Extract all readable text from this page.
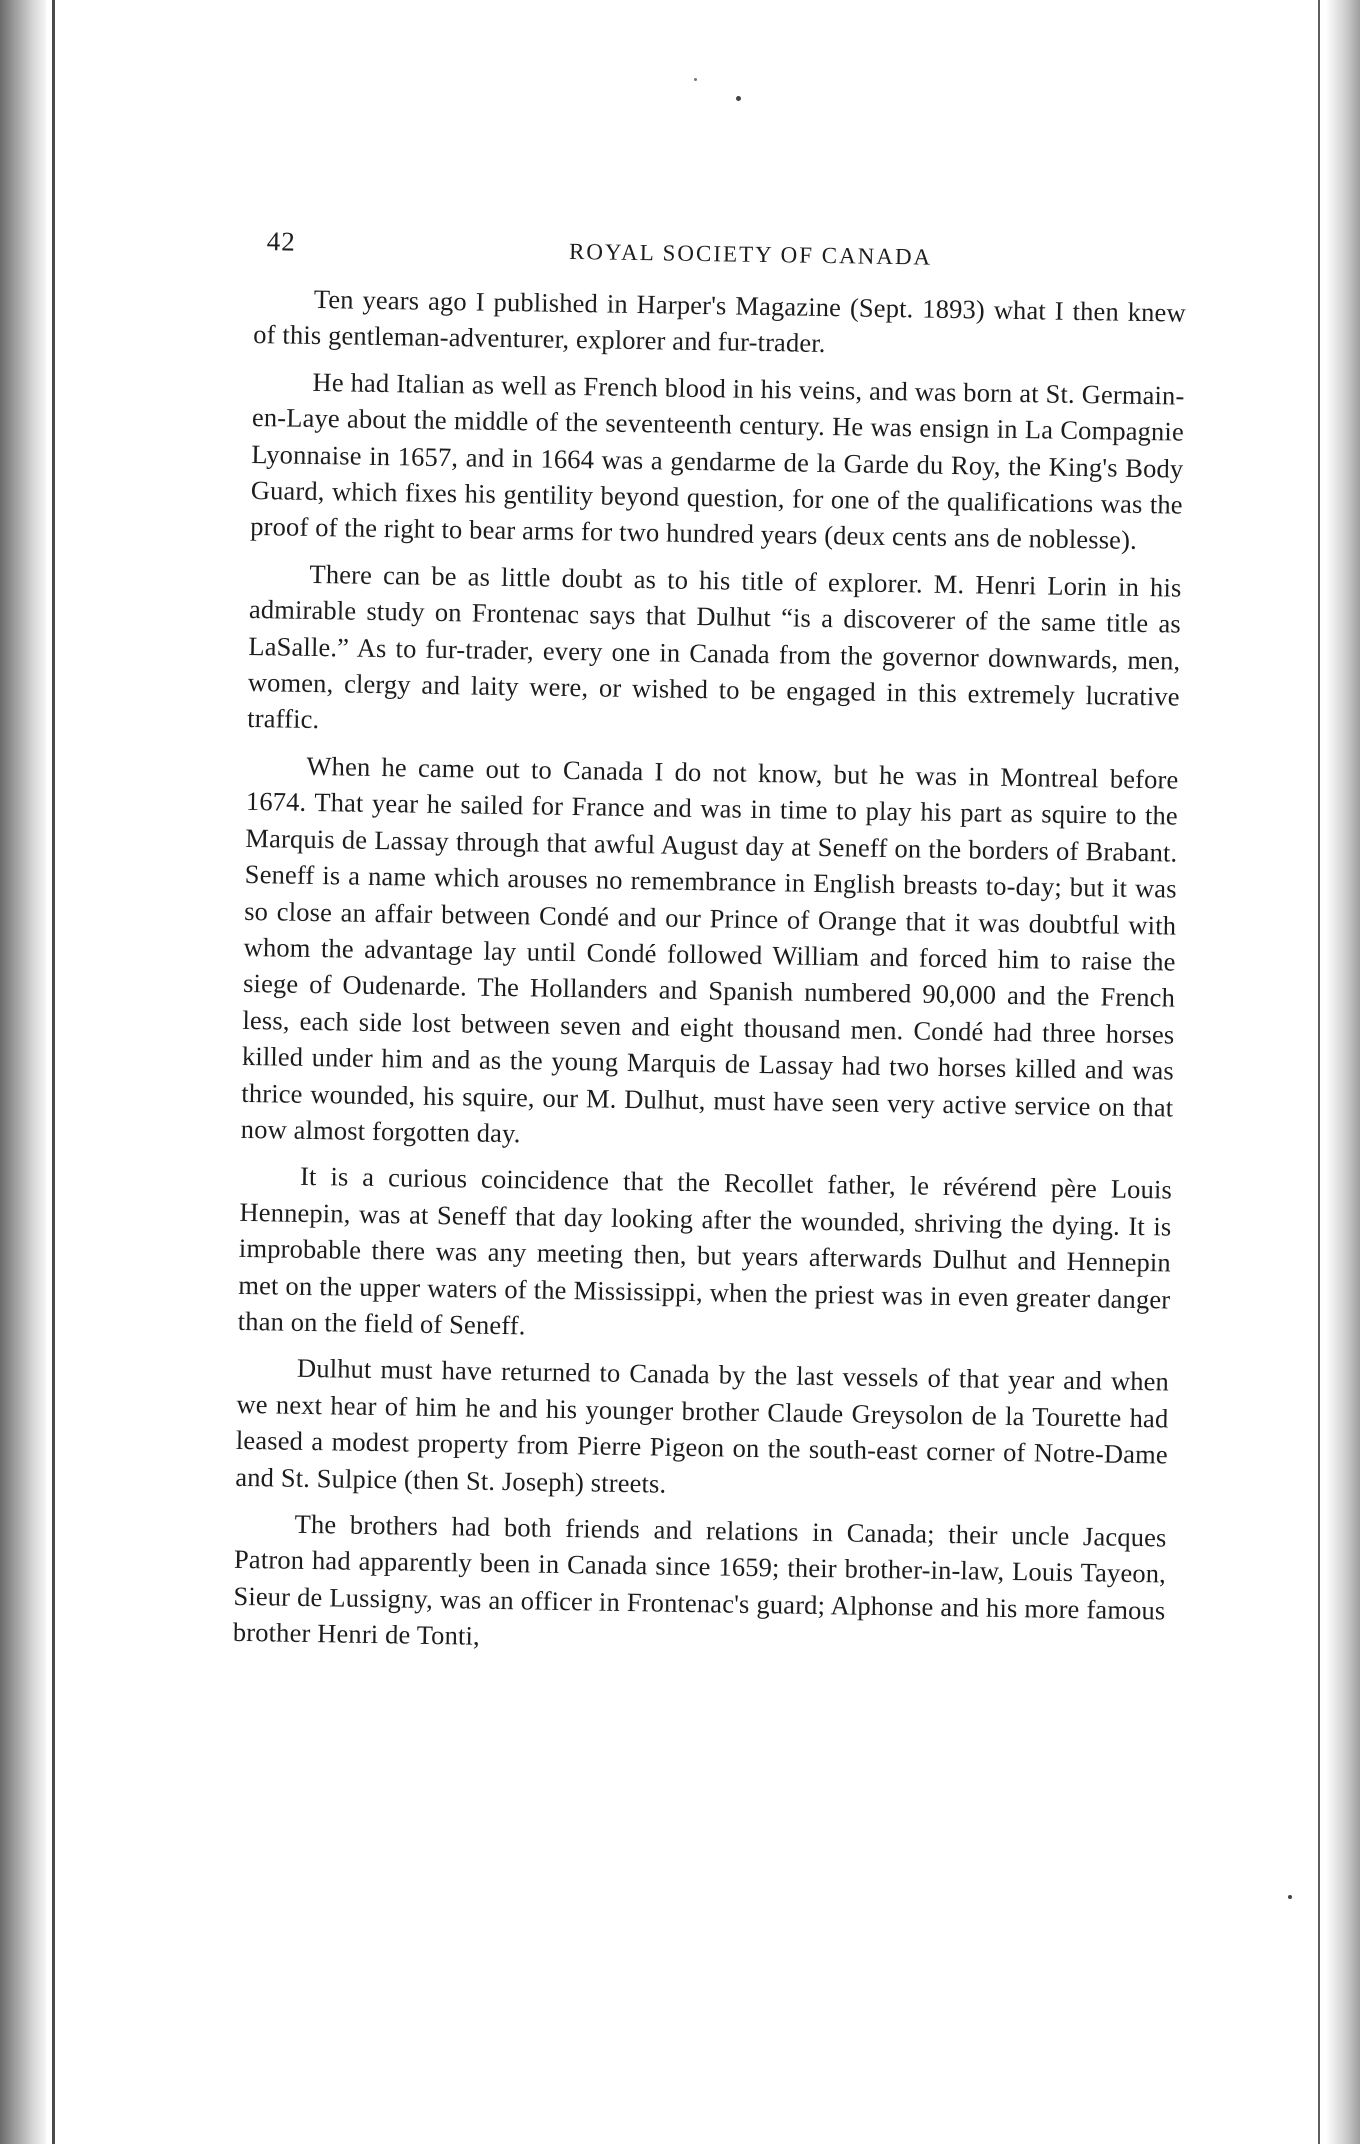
42	ROYAL SOCIETY OF CANADA

Ten years ago I published in Harper's Magazine (Sept. 1893) what I then knew of this gentleman-adventurer, explorer and fur-trader.

He had Italian as well as French blood in his veins, and was born at St. Germain-en-Laye about the middle of the seventeenth century. He was ensign in La Compagnie Lyonnaise in 1657, and in 1664 was a gendarme de la Garde du Roy, the King's Body Guard, which fixes his gentility beyond question, for one of the qualifications was the proof of the right to bear arms for two hundred years (deux cents ans de noblesse).

There can be as little doubt as to his title of explorer. M. Henri Lorin in his admirable study on Frontenac says that Dulhut “is a discoverer of the same title as LaSalle.” As to fur-trader, every one in Canada from the governor downwards, men, women, clergy and laity were, or wished to be engaged in this extremely lucrative traffic.

When he came out to Canada I do not know, but he was in Montreal before 1674. That year he sailed for France and was in time to play his part as squire to the Marquis de Lassay through that awful August day at Seneff on the borders of Brabant. Seneff is a name which arouses no remembrance in English breasts to-day; but it was so close an affair between Condé and our Prince of Orange that it was doubtful with whom the advantage lay until Condé followed William and forced him to raise the siege of Oudenarde. The Hollanders and Spanish numbered 90,000 and the French less, each side lost between seven and eight thousand men. Condé had three horses killed under him and as the young Marquis de Lassay had two horses killed and was thrice wounded, his squire, our M. Dulhut, must have seen very active service on that now almost forgotten day.

It is a curious coincidence that the Recollet father, le révérend père Louis Hennepin, was at Seneff that day looking after the wounded, shriving the dying. It is improbable there was any meeting then, but years afterwards Dulhut and Hennepin met on the upper waters of the Mississippi, when the priest was in even greater danger than on the field of Seneff.

Dulhut must have returned to Canada by the last vessels of that year and when we next hear of him he and his younger brother Claude Greysolon de la Tourette had leased a modest property from Pierre Pigeon on the south-east corner of Notre-Dame and St. Sulpice (then St. Joseph) streets.

The brothers had both friends and relations in Canada; their uncle Jacques Patron had apparently been in Canada since 1659; their brother-in-law, Louis Tayeon, Sieur de Lussigny, was an officer in Frontenac's guard; Alphonse and his more famous brother Henri de Tonti,
